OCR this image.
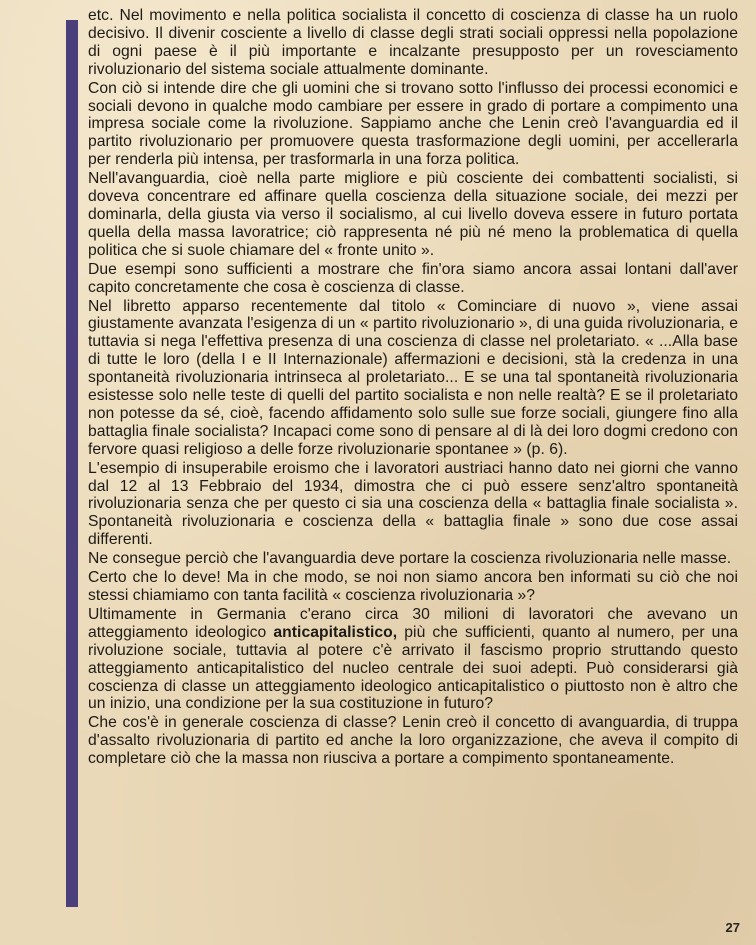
etc. Nel movimento e nella politica socialista il concetto di coscienza di classe ha un ruolo decisivo. Il divenir cosciente a livello di classe degli strati sociali oppressi nella popolazione di ogni paese è il più importante e incalzante presupposto per un rovesciamento rivoluzionario del sistema sociale attualmente dominante.

Con ciò si intende dire che gli uomini che si trovano sotto l'influsso dei processi economici e sociali devono in qualche modo cambiare per essere in grado di portare a compimento una impresa sociale come la rivoluzione. Sappiamo anche che Lenin creò l'avanguardia ed il partito rivoluzionario per promuovere questa trasformazione degli uomini, per accellerarla per renderla più intensa, per trasformarla in una forza politica.

Nell'avanguardia, cioè nella parte migliore e più cosciente dei combattenti socialisti, si doveva concentrare ed affinare quella coscienza della situazione sociale, dei mezzi per dominarla, della giusta via verso il socialismo, al cui livello doveva essere in futuro portata quella della massa lavoratrice; ciò rappresenta né più né meno la problematica di quella politica che si suole chiamare del « fronte unito ».

Due esempi sono sufficienti a mostrare che fin'ora siamo ancora assai lontani dall'aver capito concretamente che cosa è coscienza di classe.

Nel libretto apparso recentemente dal titolo « Cominciare di nuovo », viene assai giustamente avanzata l'esigenza di un « partito rivoluzionario », di una guida rivoluzionaria, e tuttavia si nega l'effettiva presenza di una coscienza di classe nel proletariato. « ...Alla base di tutte le loro (della I e II Internazionale) affermazioni e decisioni, stà la credenza in una spontaneità rivoluzionaria intrinseca al proletariato... E se una tal spontaneità rivoluzionaria esistesse solo nelle teste di quelli del partito socialista e non nelle realtà? E se il proletariato non potesse da sé, cioè, facendo affidamento solo sulle sue forze sociali, giungere fino alla battaglia finale socialista? Incapaci come sono di pensare al di là dei loro dogmi credono con fervore quasi religioso a delle forze rivoluzionarie spontanee » (p. 6).

L'esempio di insuperabile eroismo che i lavoratori austriaci hanno dato nei giorni che vanno dal 12 al 13 Febbraio del 1934, dimostra che ci può essere senz'altro spontaneità rivoluzionaria senza che per questo ci sia una coscienza della « battaglia finale socialista ». Spontaneità rivoluzionaria e coscienza della « battaglia finale » sono due cose assai differenti.

Ne consegue perciò che l'avanguardia deve portare la coscienza rivoluzionaria nelle masse.

Certo che lo deve! Ma in che modo, se noi non siamo ancora ben informati su ciò che noi stessi chiamiamo con tanta facilità « coscienza rivoluzionaria »?

Ultimamente in Germania c'erano circa 30 milioni di lavoratori che avevano un atteggiamento ideologico anticapitalistico, più che sufficienti, quanto al numero, per una rivoluzione sociale, tuttavia al potere c'è arrivato il fascismo proprio struttando questo atteggiamento anticapitalistico del nucleo centrale dei suoi adepti. Può considerarsi già coscienza di classe un atteggiamento ideologico anticapitalistico o piuttosto non è altro che un inizio, una condizione per la sua costituzione in futuro?

Che cos'è in generale coscienza di classe? Lenin creò il concetto di avanguardia, di truppa d'assalto rivoluzionaria di partito ed anche la loro organizzazione, che aveva il compito di completare ciò che la massa non riusciva a portare a compimento spontaneamente.

27
